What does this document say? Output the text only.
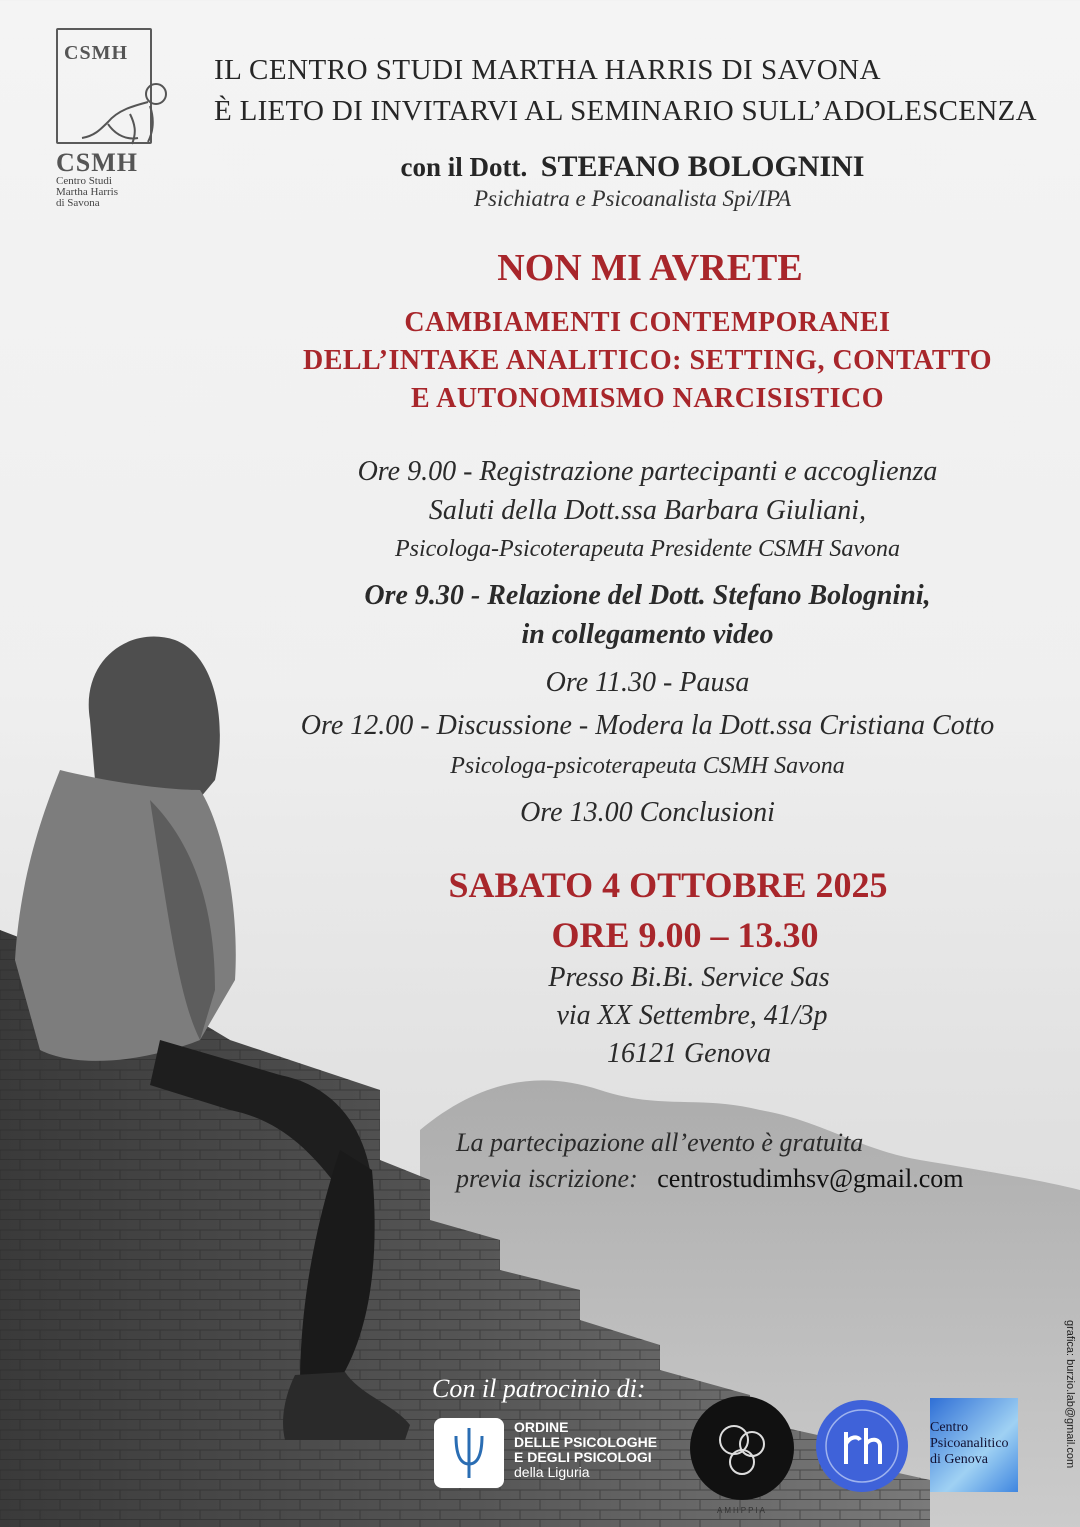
CSMH
CSMH
Centro Studi
Martha Harris
di Savona
IL CENTRO STUDI MARTHA HARRIS DI SAVONA
È LIETO DI INVITARVI AL SEMINARIO SULL’ADOLESCENZA
con il Dott. STEFANO BOLOGNINI
Psichiatra e Psicoanalista Spi/IPA
NON MI AVRETE
CAMBIAMENTI CONTEMPORANEI
DELL’INTAKE ANALITICO: SETTING, CONTATTO
E AUTONOMISMO NARCISISTICO
Ore 9.00 - Registrazione partecipanti e accoglienza
Saluti della Dott.ssa Barbara Giuliani,
Psicologa-Psicoterapeuta Presidente CSMH Savona
Ore 9.30 - Relazione del Dott. Stefano Bolognini,
in collegamento video
Ore 11.30 - Pausa
Ore 12.00 - Discussione - Modera la Dott.ssa Cristiana Cotto
Psicologa-psicoterapeuta CSMH Savona
Ore 13.00 Conclusioni
SABATO 4 OTTOBRE 2025
ORE 9.00 – 13.30
Presso Bi.Bi. Service Sas
via XX Settembre, 41/3p
16121 Genova
La partecipazione all’evento è gratuita
previa iscrizione: centrostudimhsv@gmail.com
grafica: burzio.lab@gmail.com
Con il patrocinio di:
ORDINE
DELLE PSICOLOGHE
E DEGLI PSICOLOGI
della Liguria
AMHPPIA
Centro
Psicoanalitico
di Genova
